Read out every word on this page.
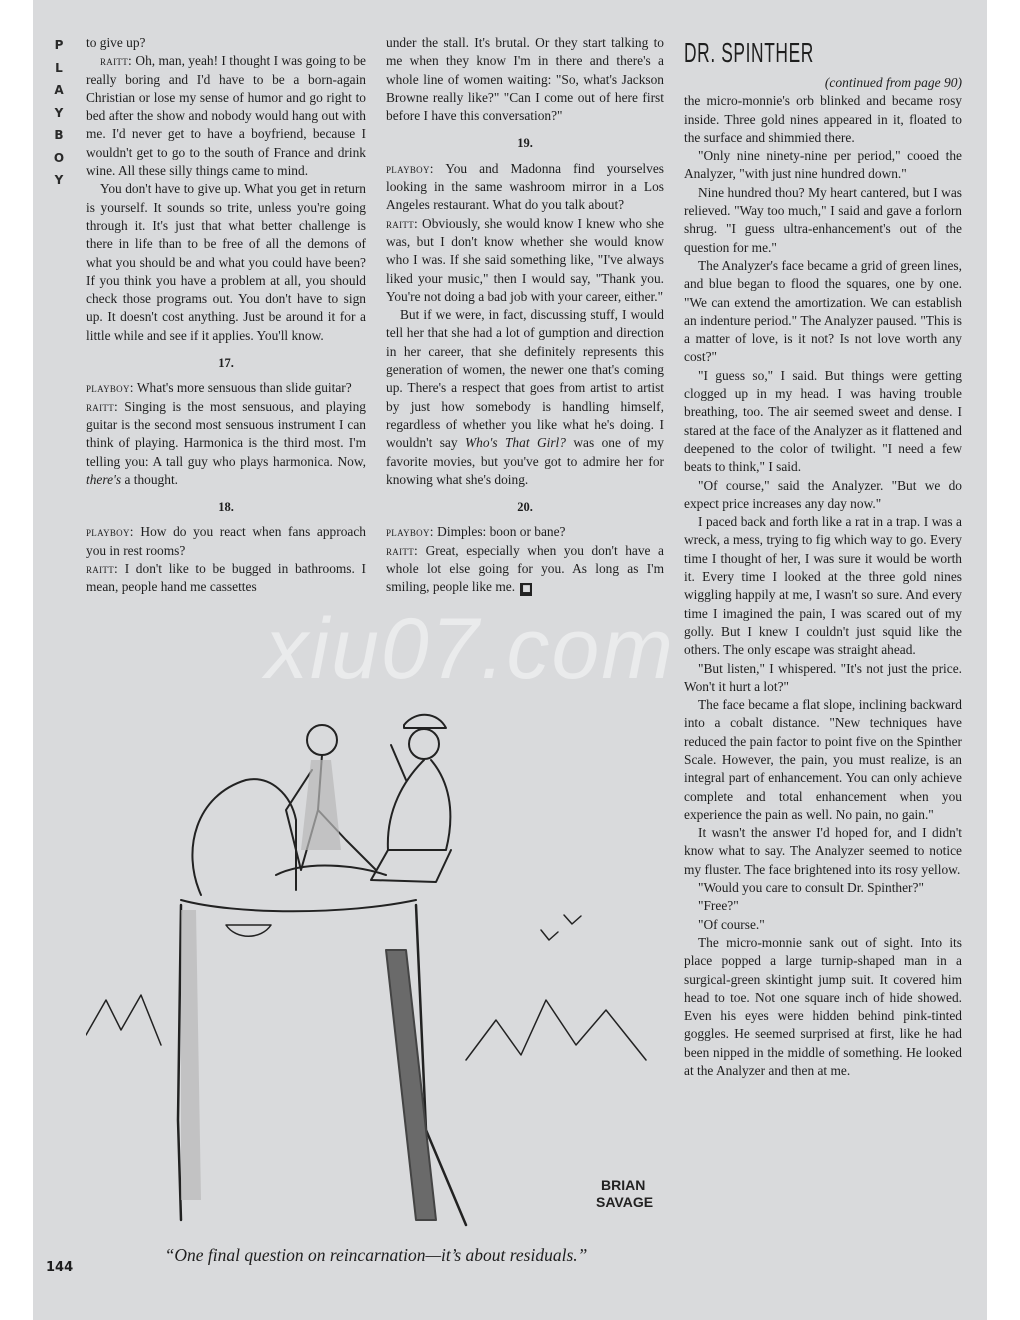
P
L
A
Y
B
O
Y

to give up?

raitt: Oh, man, yeah! I thought I was going to be really boring and I'd have to be a born-again Christian or lose my sense of humor and go right to bed after the show and nobody would hang out with me. I'd never get to have a boyfriend, because I wouldn't get to go to the south of France and drink wine. All these silly things came to mind.

You don't have to give up. What you get in return is yourself. It sounds so trite, unless you're going through it. It's just that what better challenge is there in life than to be free of all the demons of what you should be and what you could have been? If you think you have a problem at all, you should check those programs out. You don't have to sign up. It doesn't cost anything. Just be around it for a little while and see if it applies. You'll know.

17.

playboy: What's more sensuous than slide guitar?

raitt: Singing is the most sensuous, and playing guitar is the second most sensuous instrument I can think of playing. Harmonica is the third most. I'm telling you: A tall guy who plays harmonica. Now, there's a thought.

18.

playboy: How do you react when fans approach you in rest rooms?

raitt: I don't like to be bugged in bathrooms. I mean, people hand me cassettes

under the stall. It's brutal. Or they start talking to me when they know I'm in there and there's a whole line of women waiting: "So, what's Jackson Browne really like?" "Can I come out of here first before I have this conversation?"

19.

playboy: You and Madonna find yourselves looking in the same washroom mirror in a Los Angeles restaurant. What do you talk about?

raitt: Obviously, she would know I knew who she was, but I don't know whether she would know who I was. If she said something like, "I've always liked your music," then I would say, "Thank you. You're not doing a bad job with your career, either."

But if we were, in fact, discussing stuff, I would tell her that she had a lot of gumption and direction in her career, that she definitely represents this generation of women, the newer one that's coming up. There's a respect that goes from artist to artist by just how somebody is handling himself, regardless of whether you like what he's doing. I wouldn't say Who's That Girl? was one of my favorite movies, but you've got to admire her for knowing what she's doing.

20.

playboy: Dimples: boon or bane?

raitt: Great, especially when you don't have a whole lot else going for you. As long as I'm smiling, people like me. ■

DR. SPINTHER

(continued from page 90)

the micro-monnie's orb blinked and became rosy inside. Three gold nines appeared in it, floated to the surface and shimmied there.

"Only nine ninety-nine per period," cooed the Analyzer, "with just nine hundred down."

Nine hundred thou? My heart cantered, but I was relieved. "Way too much," I said and gave a forlorn shrug. "I guess ultra-enhancement's out of the question for me."

The Analyzer's face became a grid of green lines, and blue began to flood the squares, one by one. "We can extend the amortization. We can establish an indenture period." The Analyzer paused. "This is a matter of love, is it not? Is not love worth any cost?"

"I guess so," I said. But things were getting clogged up in my head. I was having trouble breathing, too. The air seemed sweet and dense. I stared at the face of the Analyzer as it flattened and deepened to the color of twilight. "I need a few beats to think," I said.

"Of course," said the Analyzer. "But we do expect price increases any day now."

I paced back and forth like a rat in a trap. I was a wreck, a mess, trying to fig which way to go. Every time I thought of her, I was sure it would be worth it. Every time I looked at the three gold nines wiggling happily at me, I wasn't so sure. And every time I imagined the pain, I was scared out of my golly. But I knew I couldn't just squid like the others. The only escape was straight ahead.

"But listen," I whispered. "It's not just the price. Won't it hurt a lot?"

The face became a flat slope, inclining backward into a cobalt distance. "New techniques have reduced the pain factor to point five on the Spinther Scale. However, the pain, you must realize, is an integral part of enhancement. You can only achieve complete and total enhancement when you experience the pain as well. No pain, no gain."

It wasn't the answer I'd hoped for, and I didn't know what to say. The Analyzer seemed to notice my fluster. The face brightened into its rosy yellow.

"Would you care to consult Dr. Spinther?"

"Free?"

"Of course."

The micro-monnie sank out of sight. Into its place popped a large turnip-shaped man in a surgical-green skintight jump suit. It covered him head to toe. Not one square inch of hide showed. Even his eyes were hidden behind pink-tinted goggles. He seemed surprised at first, like he had been nipped in the middle of something. He looked at the Analyzer and then at me.

BRIAN
SAVAGE
“One final question on reincarnation—it’s about residuals.”
144
xiu07.com
